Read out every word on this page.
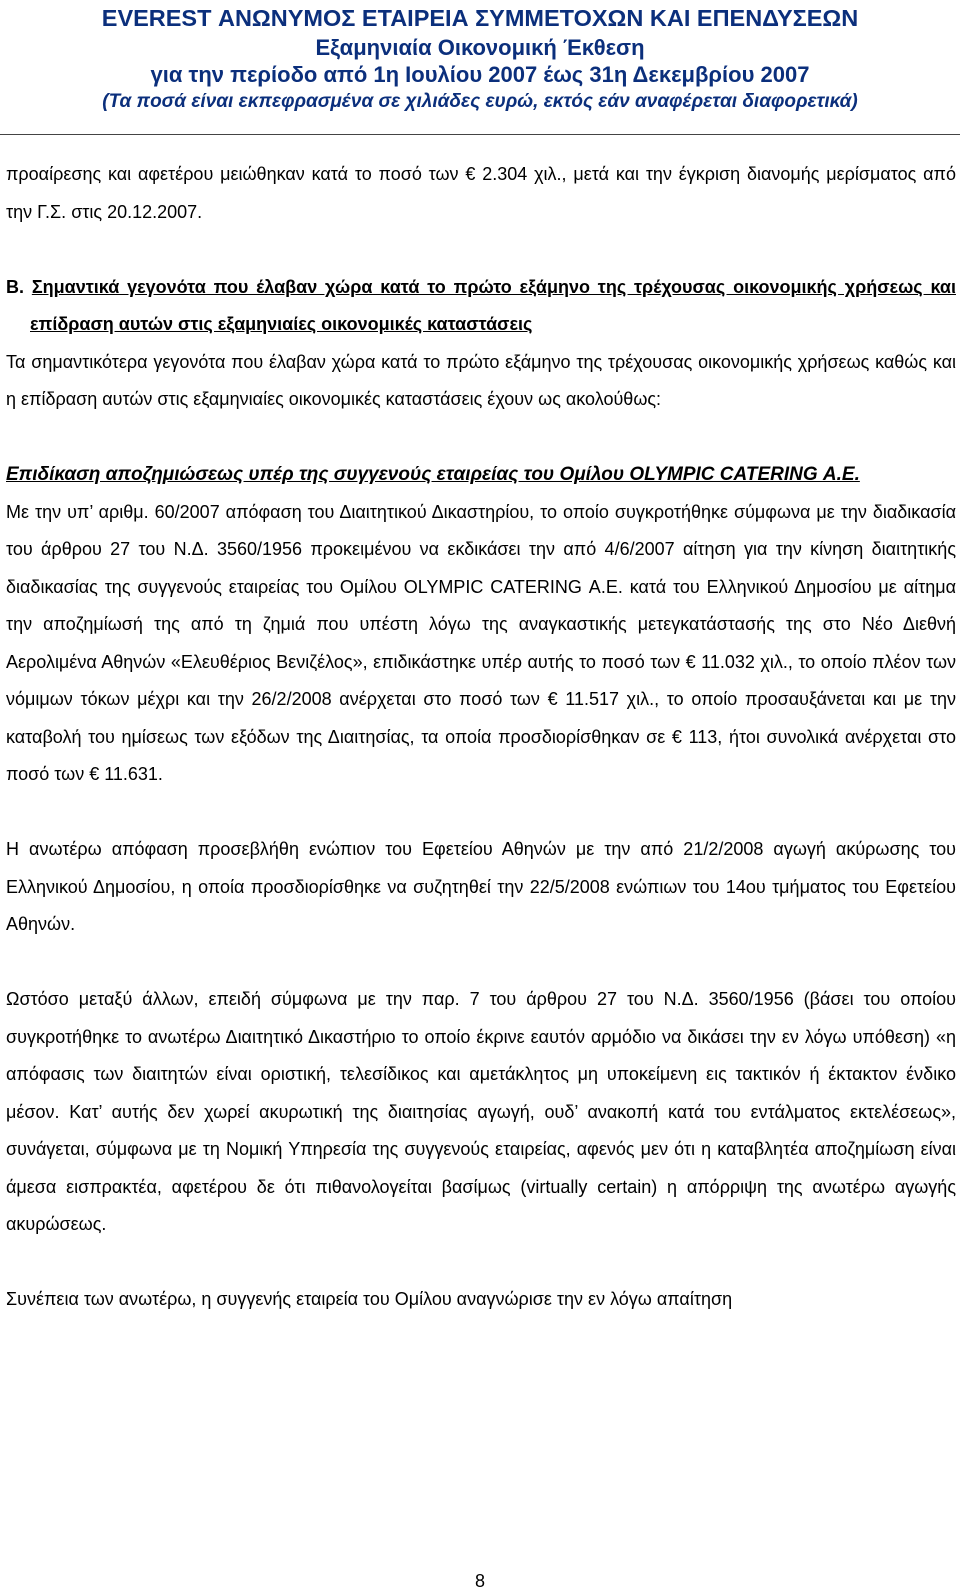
EVEREST ΑΝΩΝΥΜΟΣ ΕΤΑΙΡΕΙΑ ΣΥΜΜΕΤΟΧΩΝ ΚΑΙ ΕΠΕΝΔΥΣΕΩΝ
Εξαμηνιαία Οικονομική Έκθεση
για την περίοδο από 1η Ιουλίου 2007 έως 31η Δεκεμβρίου 2007
(Τα ποσά είναι εκπεφρασμένα σε χιλιάδες ευρώ, εκτός εάν αναφέρεται διαφορετικά)

προαίρεσης και αφετέρου μειώθηκαν κατά το ποσό των € 2.304 χιλ., μετά και την έγκριση διανομής μερίσματος από την Γ.Σ. στις 20.12.2007.

Β. Σημαντικά γεγονότα που έλαβαν χώρα κατά το πρώτο εξάμηνο της τρέχουσας οικονομικής χρήσεως και επίδραση αυτών στις εξαμηνιαίες οικονομικές καταστάσεις

Τα σημαντικότερα γεγονότα που έλαβαν χώρα κατά το πρώτο εξάμηνο της τρέχουσας οικονομικής χρήσεως καθώς και η επίδραση αυτών στις εξαμηνιαίες οικονομικές καταστάσεις έχουν ως ακολούθως:

Επιδίκαση αποζημιώσεως υπέρ της συγγενούς εταιρείας του Ομίλου OLYMPIC CATERING Α.Ε.

Με την υπ’ αριθμ. 60/2007 απόφαση του Διαιτητικού Δικαστηρίου, το οποίο συγκροτήθηκε σύμφωνα με την διαδικασία του άρθρου 27 του Ν.Δ. 3560/1956 προκειμένου να εκδικάσει την από 4/6/2007 αίτηση για την κίνηση διαιτητικής διαδικασίας της συγγενούς εταιρείας του Ομίλου OLYMPIC CATERING Α.Ε. κατά του Ελληνικού Δημοσίου με αίτημα την αποζημίωσή της από τη ζημιά που υπέστη λόγω της αναγκαστικής μετεγκατάστασής της στο Νέο Διεθνή Αερολιμένα Αθηνών «Ελευθέριος Βενιζέλος», επιδικάστηκε υπέρ αυτής το ποσό των € 11.032 χιλ., το οποίο πλέον των νόμιμων τόκων μέχρι και την 26/2/2008 ανέρχεται στο ποσό των € 11.517 χιλ., το οποίο προσαυξάνεται και με την καταβολή του ημίσεως των εξόδων της Διαιτησίας, τα οποία προσδιορίσθηκαν σε € 113, ήτοι συνολικά ανέρχεται στο ποσό των € 11.631.

Η ανωτέρω απόφαση προσεβλήθη ενώπιον του Εφετείου Αθηνών με την από 21/2/2008 αγωγή ακύρωσης του Ελληνικού Δημοσίου, η οποία προσδιορίσθηκε να συζητηθεί την 22/5/2008 ενώπιων του 14ου τμήματος του Εφετείου Αθηνών.

Ωστόσο μεταξύ άλλων, επειδή σύμφωνα με την παρ. 7 του άρθρου 27 του Ν.Δ. 3560/1956 (βάσει του οποίου συγκροτήθηκε το ανωτέρω Διαιτητικό Δικαστήριο το οποίο έκρινε εαυτόν αρμόδιο να δικάσει την εν λόγω υπόθεση) «η απόφασις των διαιτητών είναι οριστική, τελεσίδικος και αμετάκλητος μη υποκείμενη εις τακτικόν ή έκτακτον ένδικο μέσον. Κατ’ αυτής δεν χωρεί ακυρωτική της διαιτησίας αγωγή, ουδ’ ανακοπή κατά του εντάλματος εκτελέσεως», συνάγεται, σύμφωνα με τη Νομική Υπηρεσία της συγγενούς εταιρείας, αφενός μεν ότι η καταβλητέα αποζημίωση είναι άμεσα εισπρακτέα, αφετέρου δε ότι πιθανολογείται βασίμως (virtually certain) η απόρριψη της ανωτέρω αγωγής ακυρώσεως.

Συνέπεια των ανωτέρω, η συγγενής εταιρεία του Ομίλου αναγνώρισε την εν λόγω απαίτηση

8
